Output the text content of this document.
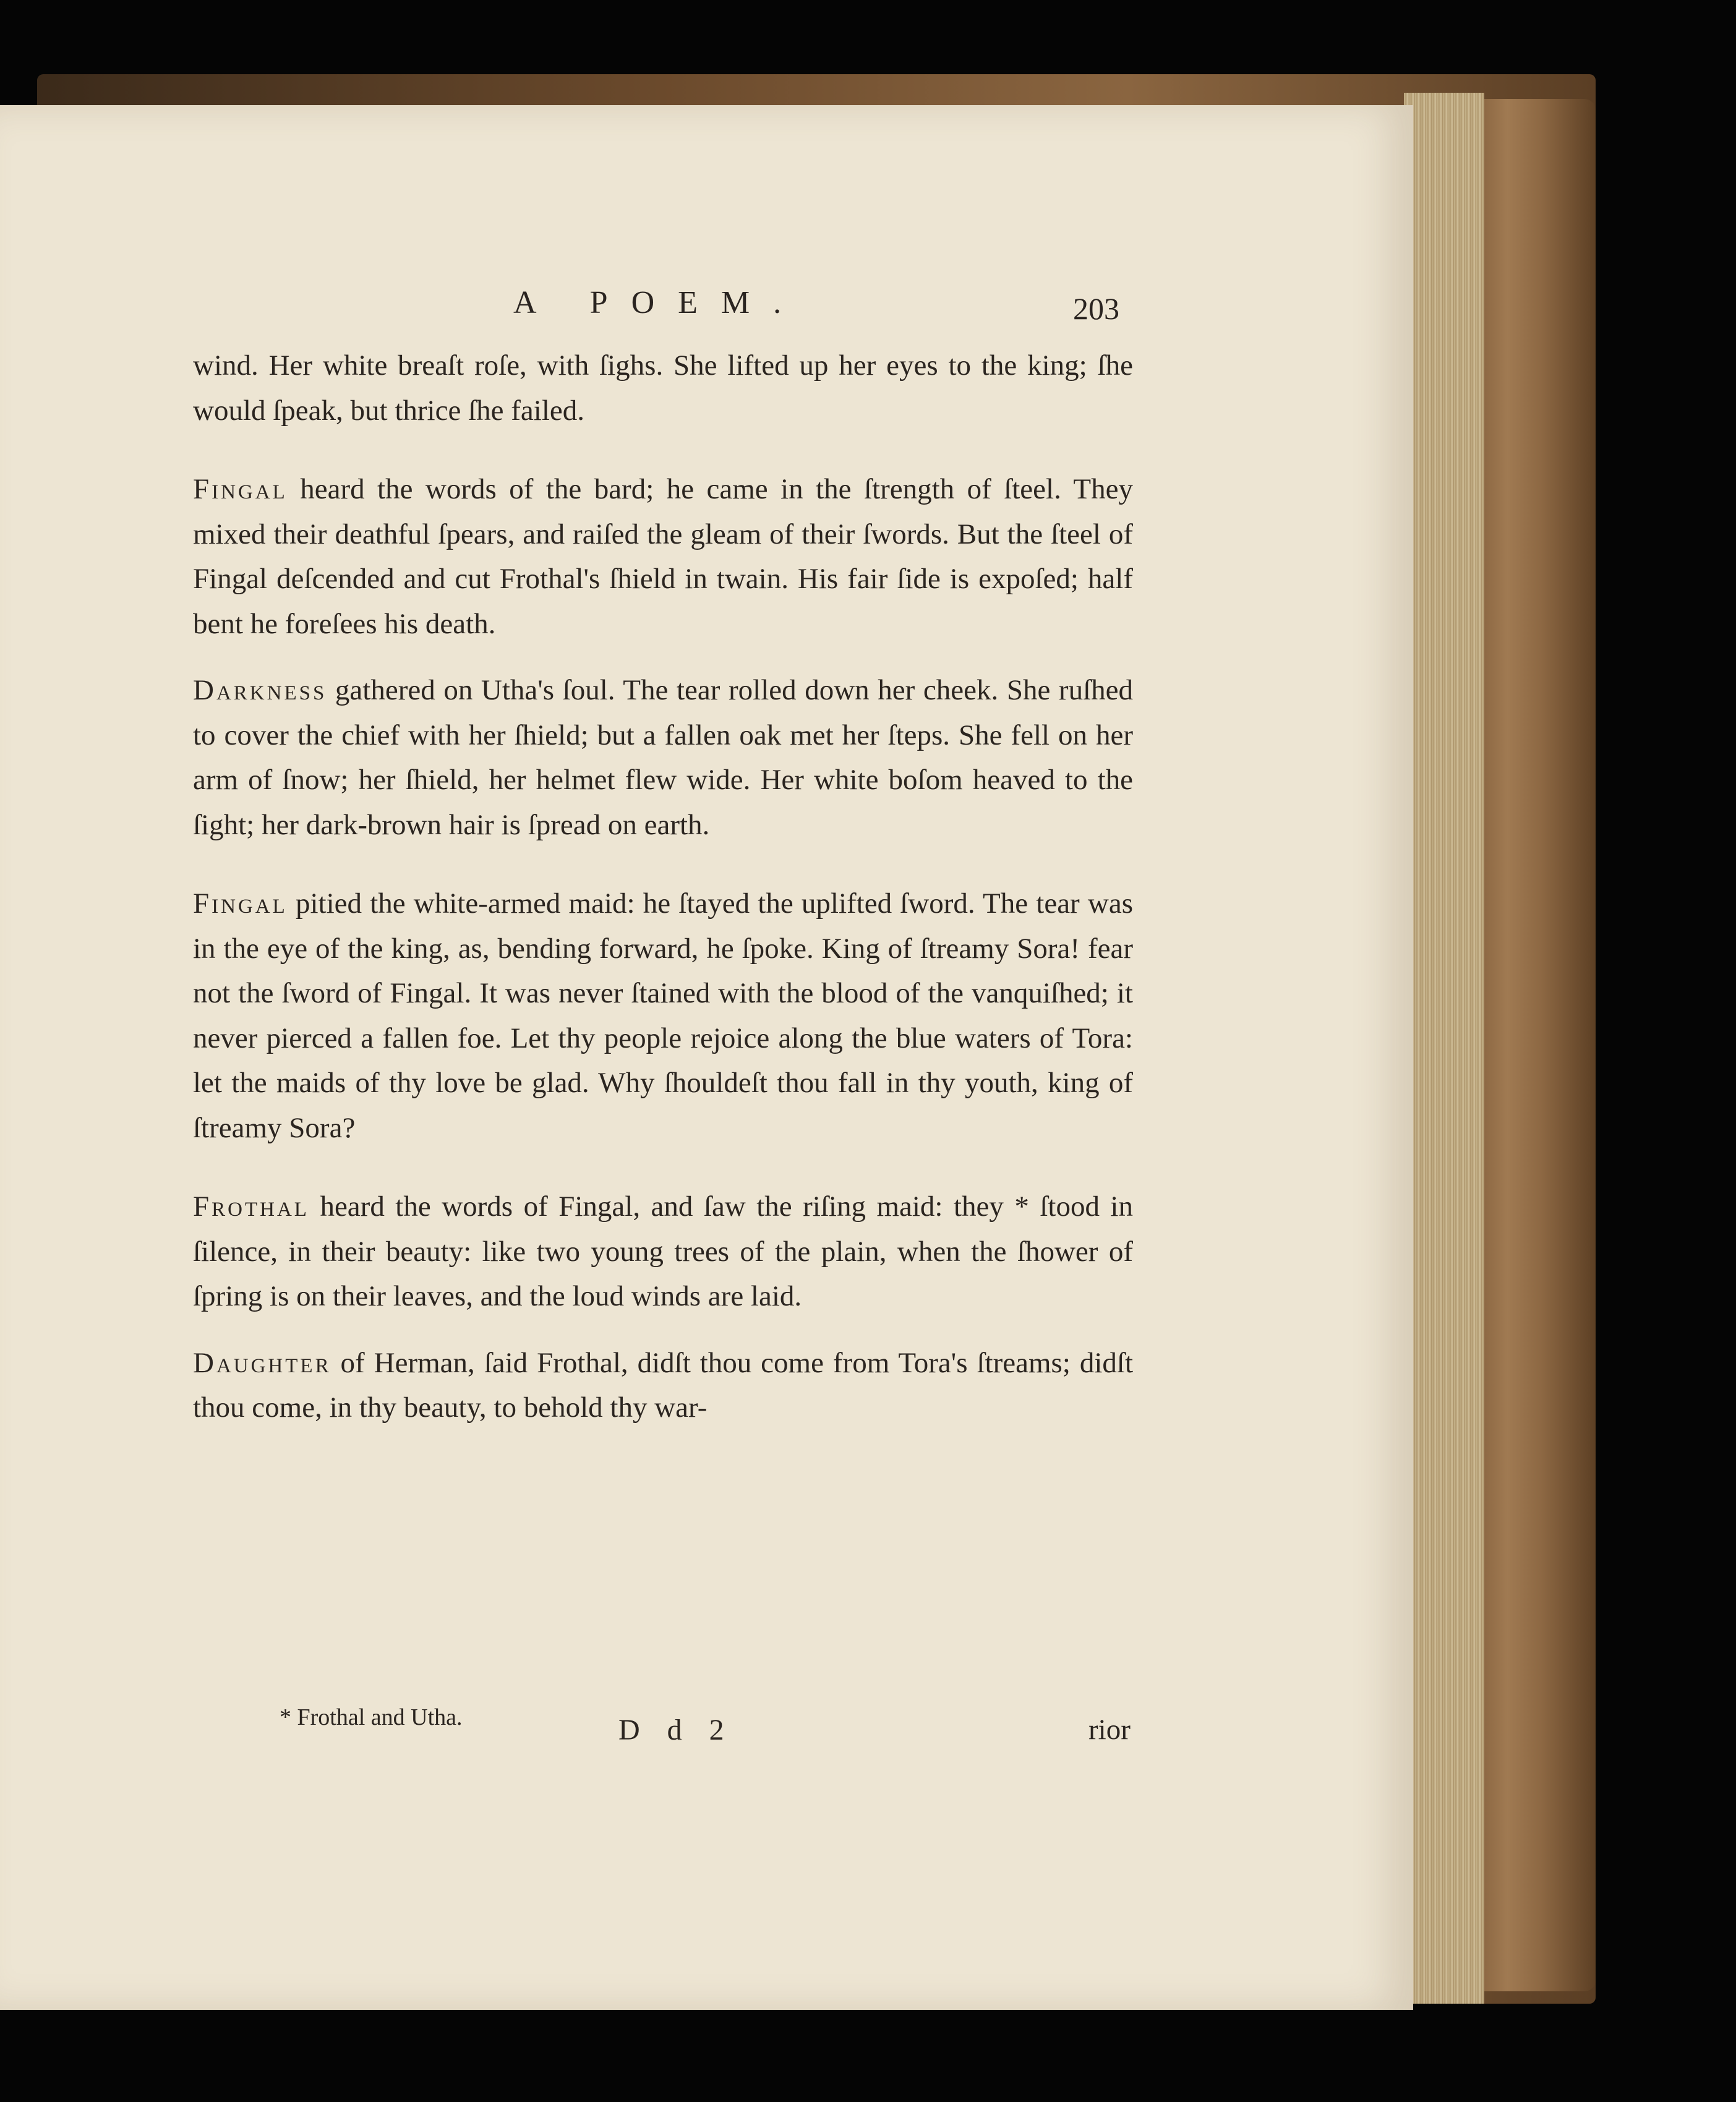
A POEM.	203

wind. Her white breaſt roſe, with ſighs. She lifted up her eyes to the king; ſhe would ſpeak, but thrice ſhe failed.

Fingal heard the words of the bard; he came in the ſtrength of ſteel. They mixed their deathful ſpears, and raiſed the gleam of their ſwords. But the ſteel of Fingal deſcended and cut Frothal's ſhield in twain. His fair ſide is expoſed; half bent he foreſees his death.

Darkness gathered on Utha's ſoul. The tear rolled down her cheek. She ruſhed to cover the chief with her ſhield; but a fallen oak met her ſteps. She fell on her arm of ſnow; her ſhield, her helmet flew wide. Her white boſom heaved to the ſight; her dark-brown hair is ſpread on earth.

Fingal pitied the white-armed maid: he ſtayed the uplifted ſword. The tear was in the eye of the king, as, bending forward, he ſpoke. King of ſtreamy Sora! fear not the ſword of Fingal. It was never ſtained with the blood of the vanquiſhed; it never pierced a fallen foe. Let thy people rejoice along the blue waters of Tora: let the maids of thy love be glad. Why ſhouldeſt thou fall in thy youth, king of ſtreamy Sora?

Frothal heard the words of Fingal, and ſaw the riſing maid: they * ſtood in ſilence, in their beauty: like two young trees of the plain, when the ſhower of ſpring is on their leaves, and the loud winds are laid.

Daughter of Herman, ſaid Frothal, didſt thou come from Tora's ſtreams; didſt thou come, in thy beauty, to behold thy war-

* Frothal and Utha.	D d 2	rior
